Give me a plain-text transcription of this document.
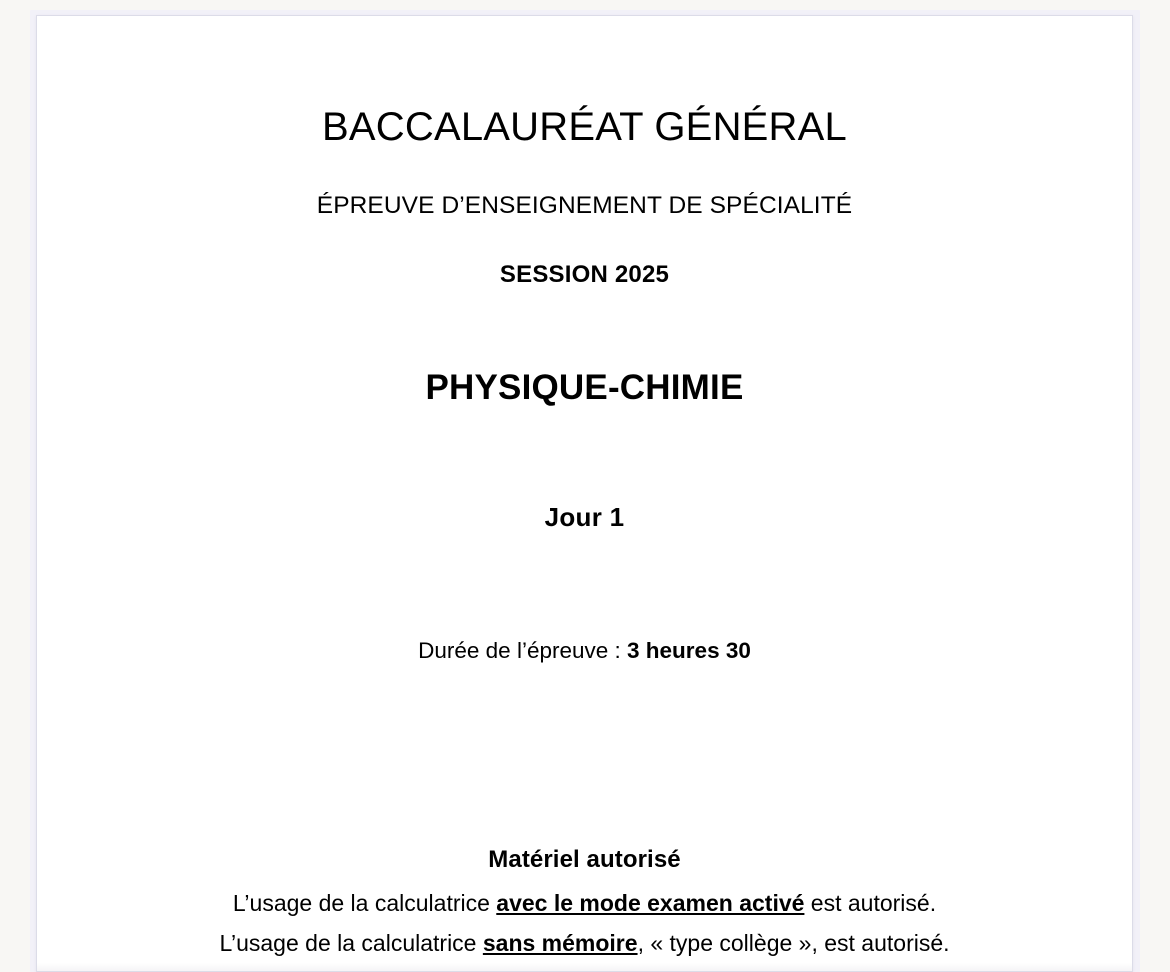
BACCALAURÉAT GÉNÉRAL
ÉPREUVE D’ENSEIGNEMENT DE SPÉCIALITÉ
SESSION 2025
PHYSIQUE-CHIMIE
Jour 1
Durée de l’épreuve : 3 heures 30
Matériel autorisé
L’usage de la calculatrice avec le mode examen activé est autorisé.
L’usage de la calculatrice sans mémoire, « type collège », est autorisé.
